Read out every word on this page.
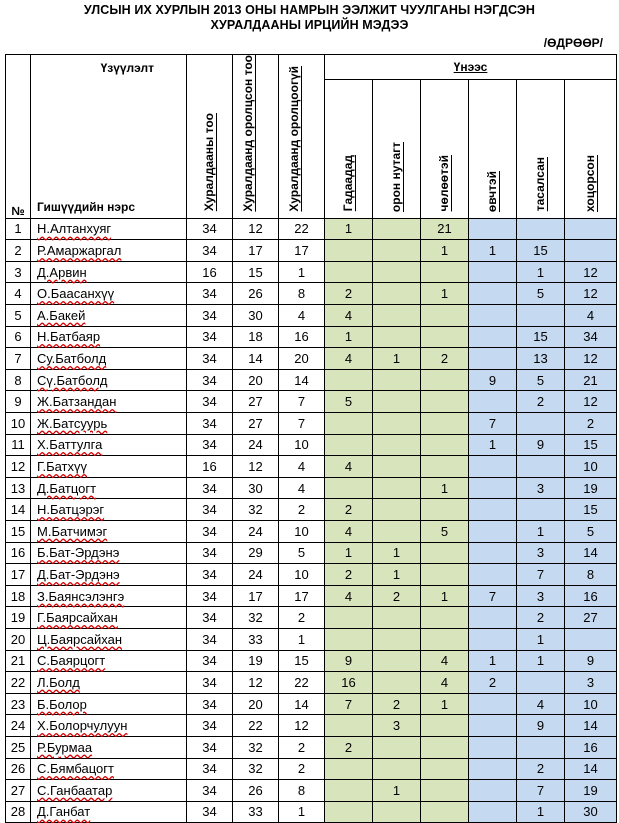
УЛСЫН ИХ ХУРЛЫН 2013 ОНЫ НАМРЫН ЭЭЛЖИТ ЧУУЛГАНЫ НЭГДСЭН
ХУРАЛДААНЫ ИРЦИЙН МЭДЭЭ
/ӨДРӨӨР/
№	Үзүүлэлт
Гишүүдийн нэрс	Хуралдааны тоо	Хуралдаанд оролцсон тоо	Хуралдаанд оролцоогүй	Үнээс					

					Гадаадад	орон нутагт	чөлөөтэй	өвчтэй	тасалсан	хоцорсон

1	Н.Алтанхуяг	34	12	22	1		21			
2	Р.Амаржаргал	34	17	17			1	1	15	
3	Д.Арвин	16	15	1					1	12
4	О.Баасанхүү	34	26	8	2		1		5	12
5	А.Бакей	34	30	4	4					4
6	Н.Батбаяр	34	18	16	1				15	34
7	Су.Батболд	34	14	20	4	1	2		13	12
8	Сү.Батболд	34	20	14				9	5	21
9	Ж.Батзандан	34	27	7	5				2	12
10	Ж.Батсуурь	34	27	7				7		2
11	Х.Баттулга	34	24	10				1	9	15
12	Г.Батхүү	16	12	4	4					10
13	Д.Батцогт	34	30	4			1		3	19
14	Н.Батцэрэг	34	32	2	2					15
15	М.Батчимэг	34	24	10	4		5		1	5
16	Б.Бат-Эрдэнэ	34	29	5	1	1			3	14
17	Д.Бат-Эрдэнэ	34	24	10	2	1			7	8
18	З.Баянсэлэнгэ	34	17	17	4	2	1	7	3	16
19	Г.Баярсайхан	34	32	2					2	27
20	Ц.Баярсайхан	34	33	1					1	
21	С.Баярцогт	34	19	15	9		4	1	1	9
22	Л.Болд	34	12	22	16		4	2		3
23	Б.Болор	34	20	14	7	2	1		4	10
24	Х.Болорчулуун	34	22	12		3			9	14
25	Р.Бурмаа	34	32	2	2					16
26	С.Бямбацогт	34	32	2					2	14
27	С.Ганбаатар	34	26	8		1			7	19
28	Д.Ганбат	34	33	1					1	30
